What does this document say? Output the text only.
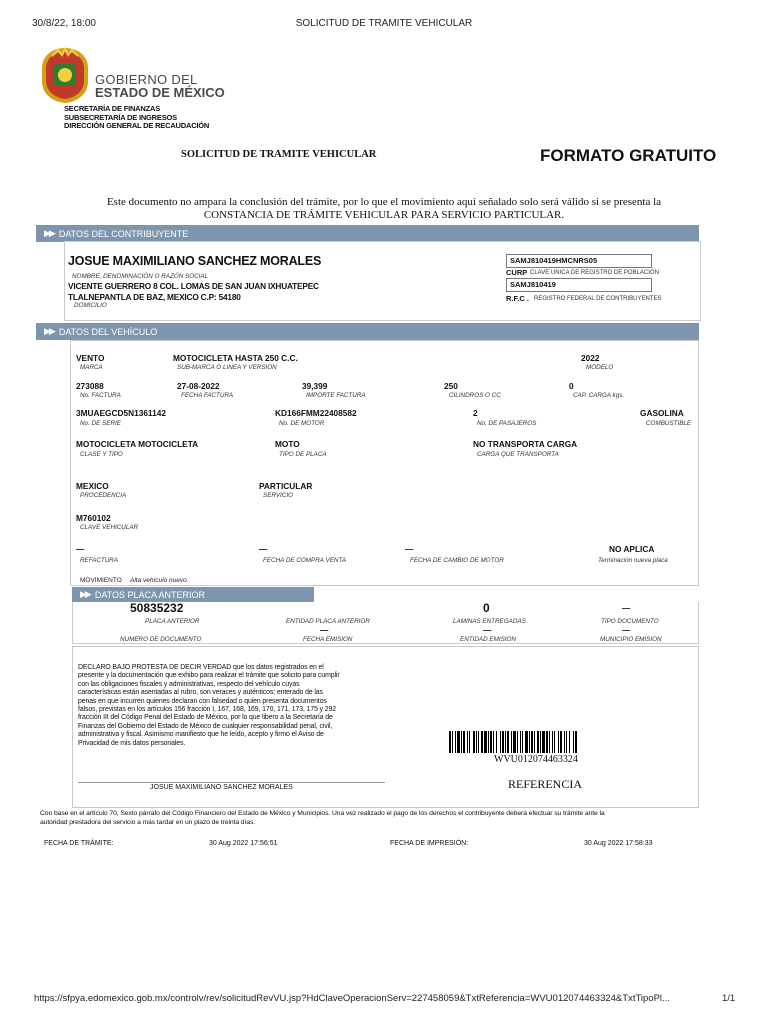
30/8/22, 18:00	SOLICITUD DE TRAMITE VEHICULAR
GOBIERNO DEL
ESTADO DE MÉXICO
SECRETARÍA DE FINANZAS
SUBSECRETARÍA DE INGRESOS
DIRECCIÓN GENERAL DE RECAUDACIÓN
SOLICITUD DE TRAMITE VEHICULAR	FORMATO GRATUITO
Este documento no ampara la conclusión del trámite, por lo que el movimiento aquí señalado solo será válido si se presenta la
CONSTANCIA DE TRÁMITE VEHICULAR PARA SERVICIO PARTICULAR.
▶▶ DATOS DEL CONTRIBUYENTE
JOSUE MAXIMILIANO SANCHEZ MORALES
NOMBRE, DENOMINACIÓN O RAZÓN SOCIAL
VICENTE GUERRERO 8 COL. LOMAS DE SAN JUAN IXHUATEPEC
TLALNEPANTLA DE BAZ, MEXICO C.P: 54180
DOMICILIO
SAMJ810419HMCNRS05
CURP CLAVE UNICA DE REGISTRO DE POBLACIÓN
SAMJ810419
R.F.C . REGISTRO FEDERAL DE CONTRIBUYENTES
▶▶ DATOS DEL VEHÍCULO
VENTO
MARCA
MOTOCICLETA HASTA 250 C.C.
SUB-MARCA O LINEA Y VERSION
2022
MODELO
273088
No. FACTURA
27-08-2022
FECHA FACTURA
39,399
IMPORTE FACTURA
250
CILINDROS O CC
0
CAP. CARGA kgs.
3MUAEGCD5N1361142
No. DE SERIE
KD166FMM22408582
No. DE MOTOR
2
No. DE PASAJEROS
GASOLINA
COMBUSTIBLE
MOTOCICLETA MOTOCICLETA
CLASE Y TIPO
MOTO
TIPO DE PLACA
NO TRANSPORTA CARGA
CARGA QUE TRANSPORTA
MEXICO
PROCEDENCIA
PARTICULAR
SERVICIO
M760102
CLAVE VEHICULAR
—
REFACTURA
—
FECHA DE COMPRA VENTA
—
FECHA DE CAMBIO DE MOTOR
NO APLICA
Terminación nueva placa
MOVIMIENTO Alta vehículo nuevo.
▶▶ DATOS PLACA ANTERIOR
50835232
PLACA ANTERIOR	ENTIDAD PLACA ANTERIOR
0
LAMINAS ENTREGADAS
—
TIPO DOCUMENTO
NUMERO DE DOCUMENTO
—
FECHA EMISION
—
ENTIDAD EMISION
—
MUNICIPIO EMISION
DECLARO BAJO PROTESTA DE DECIR VERDAD que los datos registrados en el
presente y la documentación que exhibo para realizar el trámite que solicito para cumplir
con las obligaciones fiscales y administrativas, respecto del vehículo cuyas
características están asentadas al rubro, son veraces y auténticos; enterado de las
penas en que incurren quienes declaran con falsedad o quien presenta documentos
falsos, previstas en los artículos 156 fracción I, 167, 168, 169, 170, 171, 173, 175 y 292
fracción III del Código Penal del Estado de México, por lo que libero a la Secretaría de
Finanzas del Gobierno del Estado de México de cualquier responsabilidad penal, civil,
administrativa y fiscal. Asimismo manifiesto que he leído, acepto y firmo el Aviso de
Privacidad de mis datos personales.
JOSUE MAXIMILIANO SANCHEZ MORALES
WVU012074463324
REFERENCIA
Con base en el artículo 70, Sexto párrafo del Código Financiero del Estado de México y Municipios. Una vez realizado el pago de los derechos el contribuyente deberá efectuar su trámite ante la
autoridad prestadora del servicio a más tardar en un plazo de treinta días.
FECHA DE TRÁMITE:	30 Aug 2022 17:56:51	FECHA DE IMPRESIÓN:	30 Aug 2022 17:58:33
https://sfpya.edomexico.gob.mx/controlv/rev/solicitudRevVU.jsp?HdClaveOperacionServ=227458059&TxtReferencia=WVU012074463324&TxtTipoPl...	1/1
